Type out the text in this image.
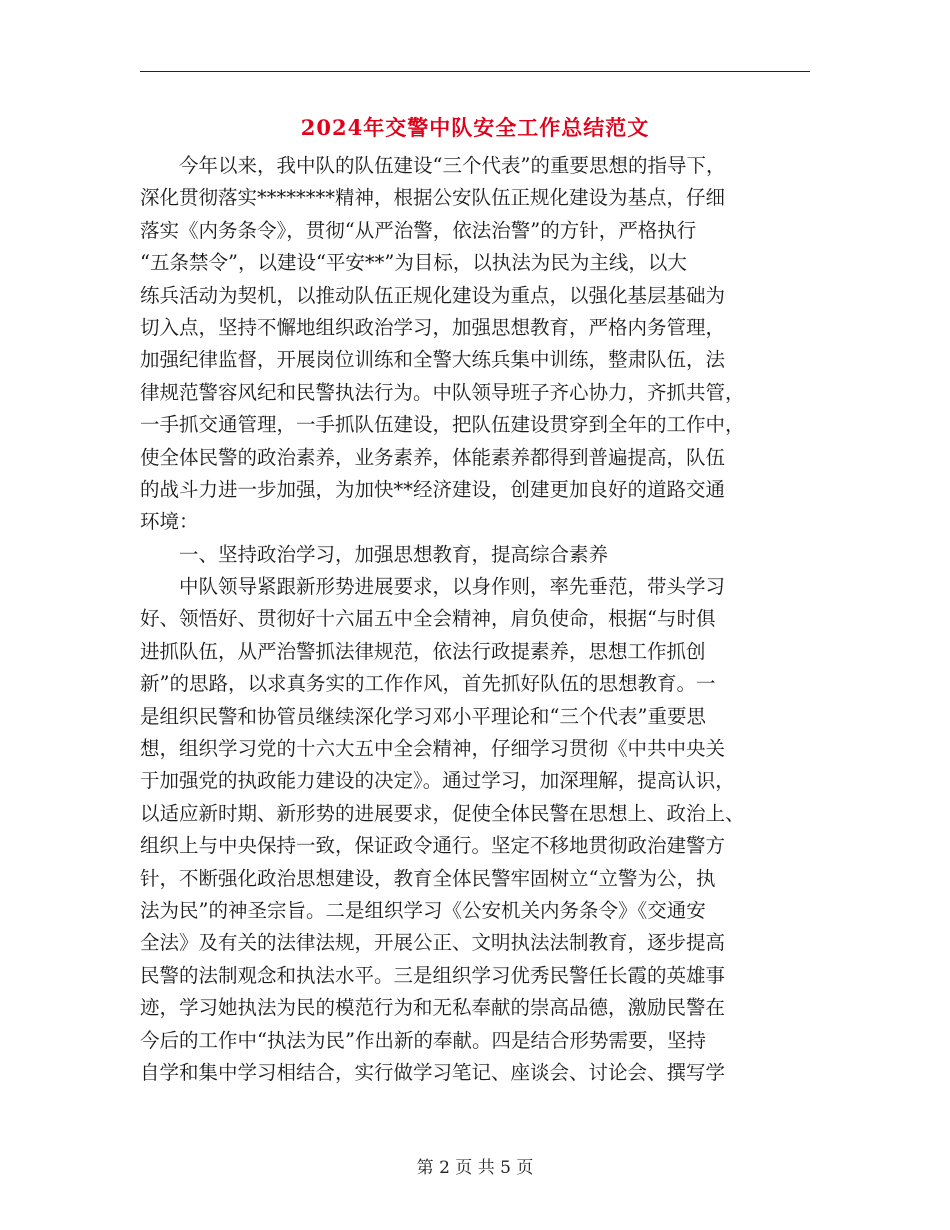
2024年交警中队安全工作总结范文
　　今年以来，我中队的队伍建设“三个代表”的重要思想的指导下，
深化贯彻落实********精神，根据公安队伍正规化建设为基点，仔细
落实《内务条令》，贯彻“从严治警，依法治警”的方针，严格执行
“五条禁令”，以建设“平安**”为目标，以执法为民为主线，以大
练兵活动为契机，以推动队伍正规化建设为重点，以强化基层基础为
切入点，坚持不懈地组织政治学习，加强思想教育，严格内务管理，
加强纪律监督，开展岗位训练和全警大练兵集中训练，整肃队伍，法
律规范警容风纪和民警执法行为。中队领导班子齐心协力，齐抓共管，
一手抓交通管理，一手抓队伍建设，把队伍建设贯穿到全年的工作中，
使全体民警的政治素养，业务素养，体能素养都得到普遍提高，队伍
的战斗力进一步加强，为加快**经济建设，创建更加良好的道路交通
环境：
　　一、坚持政治学习，加强思想教育，提高综合素养
　　中队领导紧跟新形势进展要求，以身作则，率先垂范，带头学习
好、领悟好、贯彻好十六届五中全会精神，肩负使命，根据“与时俱
进抓队伍，从严治警抓法律规范，依法行政提素养，思想工作抓创
新”的思路，以求真务实的工作作风，首先抓好队伍的思想教育。一
是组织民警和协管员继续深化学习邓小平理论和“三个代表”重要思
想，组织学习党的十六大五中全会精神，仔细学习贯彻《中共中央关
于加强党的执政能力建设的决定》。通过学习，加深理解，提高认识，
以适应新时期、新形势的进展要求，促使全体民警在思想上、政治上、
组织上与中央保持一致，保证政令通行。坚定不移地贯彻政治建警方
针，不断强化政治思想建设，教育全体民警牢固树立“立警为公，执
法为民”的神圣宗旨。二是组织学习《公安机关内务条令》《交通安
全法》及有关的法律法规，开展公正、文明执法法制教育，逐步提高
民警的法制观念和执法水平。三是组织学习优秀民警任长霞的英雄事
迹，学习她执法为民的模范行为和无私奉献的崇高品德，激励民警在
今后的工作中“执法为民”作出新的奉献。四是结合形势需要，坚持
自学和集中学习相结合，实行做学习笔记、座谈会、讨论会、撰写学
第 2 页 共 5 页
